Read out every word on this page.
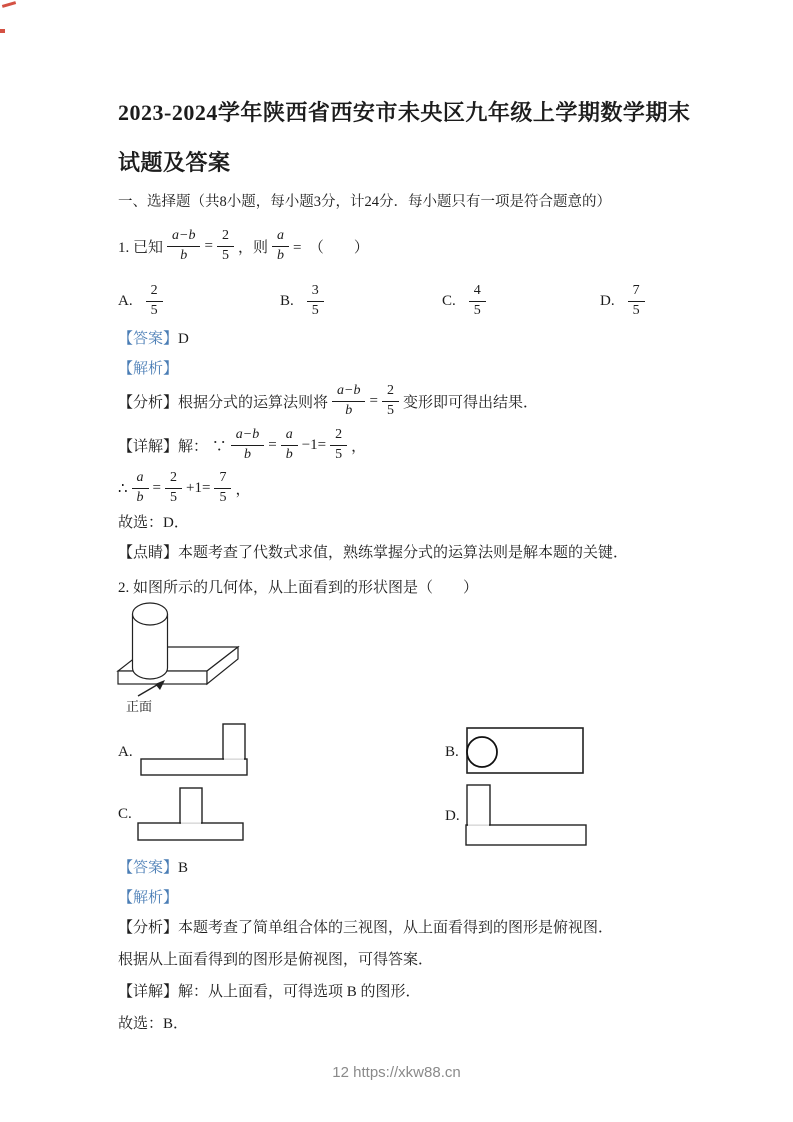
2023-2024学年陕西省西安市未央区九年级上学期数学期末
试题及答案
一、选择题（共8小题，每小题3分，计24分．每小题只有一项是符合题意的）
1. 已知 $\frac{a-b}{b} = \frac{2}{5}$ ，则 $\frac{a}{b}$ =　（　　）
A. $\frac{2}{5}$	B. $\frac{3}{5}$	C. $\frac{4}{5}$	D. $\frac{7}{5}$
【答案】D
【解析】
【分析】根据分式的运算法则将 $\frac{a-b}{b} = \frac{2}{5}$ 变形即可得出结果．
【详解】解： ∵ $\frac{a-b}{b} = \frac{a}{b} -1= \frac{2}{5}$ ，
∴ $\frac{a}{b} = \frac{2}{5} +1= \frac{7}{5}$ ，
故选：D．
【点睛】本题考查了代数式求值，熟练掌握分式的运算法则是解本题的关键．
2. 如图所示的几何体，从上面看到的形状图是（　　）
正面
A.	B.
C.	D.
【答案】B
【解析】
【分析】本题考查了简单组合体的三视图，从上面看得到的图形是俯视图．
根据从上面看得到的图形是俯视图，可得答案．
【详解】解：从上面看，可得选项 B 的图形．
故选：B．
12 https://xkw88.cn
